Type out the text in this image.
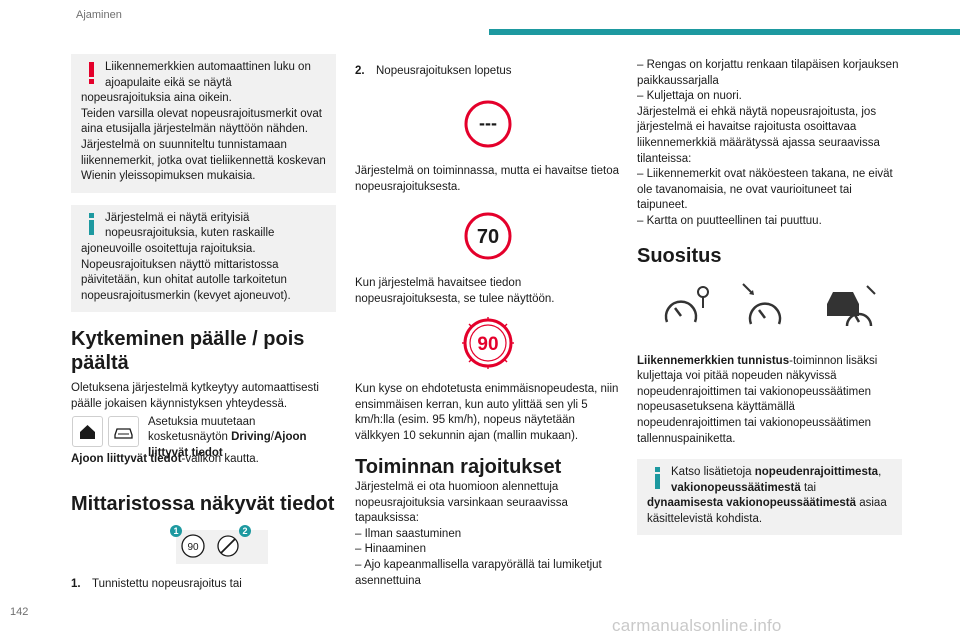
Ajaminen
Liikennemerkkien automaattinen luku on ajoapulaite eikä se näytä

nopeusrajoituksia aina oikein.

Teiden varsilla olevat nopeusrajoitusmerkit ovat aina etusijalla järjestelmän näyttöön nähden.

Järjestelmä on suunniteltu tunnistamaan liikennemerkit, jotka ovat tieliikennettä koskevan Wienin yleissopimuksen mukaisia.

Järjestelmä ei näytä erityisiä nopeusrajoituksia, kuten raskaille

ajoneuvoille osoitettuja rajoituksia.

Nopeusrajoituksen näyttö mittaristossa päivitetään, kun ohitat autolle tarkoitetun nopeusrajoitusmerkin (kevyet ajoneuvot).

Kytkeminen päälle / pois päältä

Oletuksena järjestelmä kytkeytyy automaattisesti päälle jokaisen käynnistyksen yhteydessä.

Asetuksia muutetaan kosketusnäytön Driving/Ajoon liittyvät tiedot
Mittaristossa näkyvät tiedot
1
90
2
1. Tunnistettu nopeusrajoitus tai
Ajoon liittyvät tiedot-valikon kautta.
2. Nopeusrajoituksen lopetus
---

Järjestelmä on toiminnassa, mutta ei havaitse tietoa nopeusrajoituksesta.

70

Kun järjestelmä havaitsee tiedon nopeusrajoituksesta, se tulee näyttöön.

90

Kun kyse on ehdotetusta enimmäisnopeudesta, niin ensimmäisen kerran, kun auto ylittää sen yli 5 km/h:lla (esim. 95 km/h), nopeus näytetään välkkyen 10 sekunnin ajan (mallin mukaan).

Toiminnan rajoitukset

Järjestelmä ei ota huomioon alennettuja nopeusrajoituksia varsinkaan seuraavissa tapauksissa:

– Ilman saastuminen

– Hinaaminen

– Ajo kapeanmallisella varapyörällä tai lumiketjut asennettuina

– Rengas on korjattu renkaan tilapäisen korjauksen paikkaussarjalla

– Kuljettaja on nuori.

Järjestelmä ei ehkä näytä nopeusrajoitusta, jos järjestelmä ei havaitse rajoitusta osoittavaa liikennemerkkiä määrätyssä ajassa seuraavissa tilanteissa:

– Liikennemerkit ovat näköesteen takana, ne eivät ole tavanomaisia, ne ovat vaurioituneet tai taipuneet.

– Kartta on puutteellinen tai puuttuu.

Suositus

Liikennemerkkien tunnistus-toiminnon lisäksi kuljettaja voi pitää nopeuden näkyvissä nopeudenrajoittimen tai vakionopeussäätimen nopeusasetuksena käyttämällä nopeudenrajoittimen tai vakionopeussäätimen tallennuspainiketta.

Katso lisätietoja nopeudenrajoittimesta, vakionopeussäätimestä tai

dynaamisesta vakionopeussäätimestä asiaa käsittelevistä kohdista.

142
carmanualsonline.info
